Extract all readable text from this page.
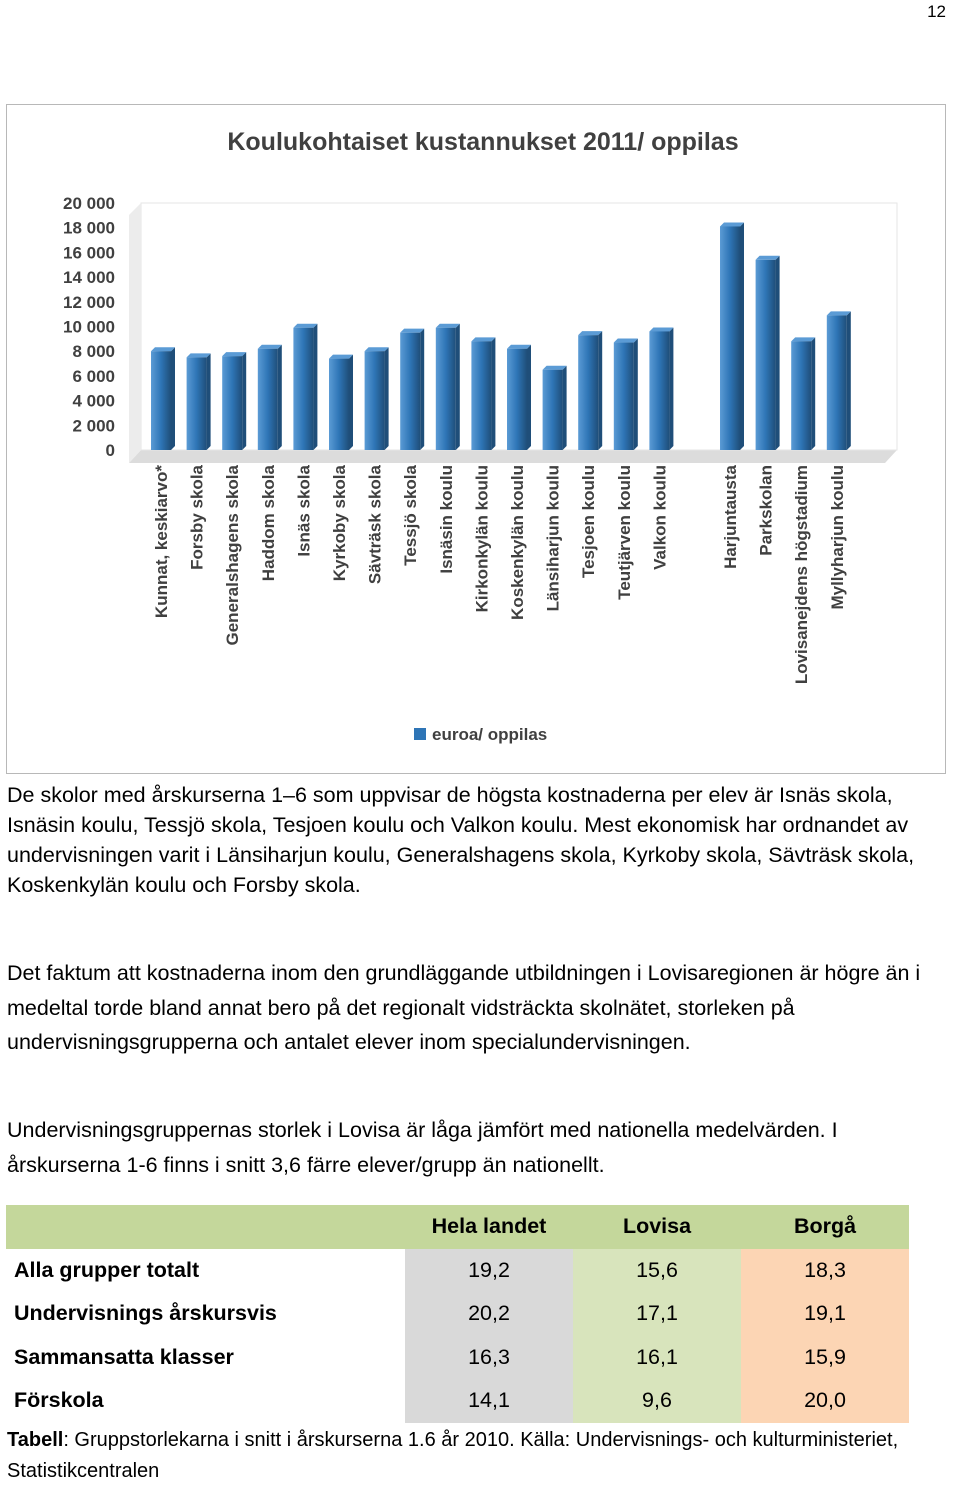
12
Koulukohtaiset kustannukset 2011/ oppilas
20 000
18 000
16 000
14 000
12 000
10 000
8 000
6 000
4 000
2 000
0
Kunnat, keskiarvo* Forsby skola Generalshagens skola Haddom skola Isnäs skola Kyrkoby skola Sävträsk skola Tessjö skola Isnäsin koulu Kirkonkylän koulu Koskenkylän koulu Länsiharjun koulu Tesjoen koulu Teutjärven koulu Valkon koulu	Harjuntausta Parkskolan Lovisanejdens högstadium Myllyharjun koulu
euroa/ oppilas

De skolor med årskurserna 1–6 som uppvisar de högsta kostnaderna per elev är Isnäs skola, Isnäsin koulu, Tessjö skola, Tesjoen koulu och Valkon koulu. Mest ekonomisk har ordnandet av undervisningen varit i Länsiharjun koulu, Generalshagens skola, Kyrkoby skola, Sävträsk skola, Koskenkylän koulu och Forsby skola.

Det faktum att kostnaderna inom den grundläggande utbildningen i Lovisaregionen är högre än i medeltal torde bland annat bero på det regionalt vidsträckta skolnätet, storleken på undervisningsgrupperna och antalet elever inom specialundervisningen.

Undervisningsgruppernas storlek i Lovisa är låga jämfört med nationella medelvärden. I årskurserna 1-6 finns i snitt 3,6 färre elever/grupp än nationellt.

	Hela landet	Lovisa	Borgå
Alla grupper totalt	19,2	15,6	18,3
Undervisnings årskursvis	20,2	17,1	19,1
Sammansatta klasser	16,3	16,1	15,9
Förskola	14,1	9,6	20,0

Tabell: Gruppstorlekarna i snitt i årskurserna 1.6 år 2010. Källa: Undervisnings- och kulturministeriet, Statistikcentralen
